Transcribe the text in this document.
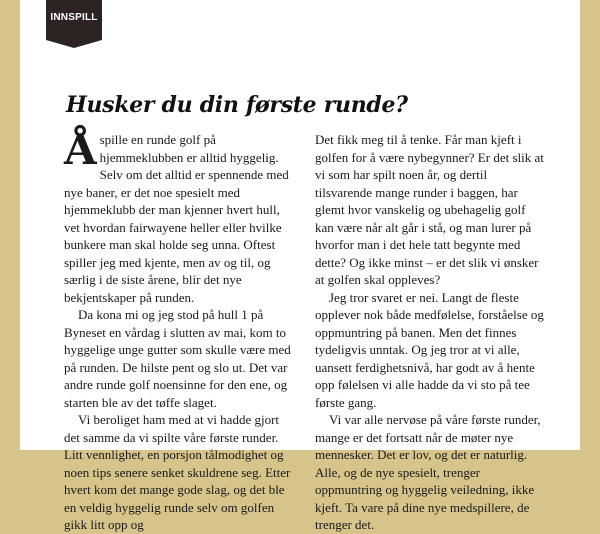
INNSPILL
Husker du din første runde?

Åspille en runde golf på hjemmeklubben er alltid hyggelig. Selv om det alltid er spennende med nye baner, er det noe spesielt med hjemmeklubb der man kjenner hvert hull, vet hvordan fairwayene heller eller hvilke bunkere man skal holde seg unna. Oftest spiller jeg med kjente, men av og til, og særlig i de siste årene, blir det nye bekjentskaper på runden.

Da kona mi og jeg stod på hull 1 på Byneset en vårdag i slutten av mai, kom to hyggelige unge gutter som skulle være med på runden. De hilste pent og slo ut. Det var andre runde golf noensinne for den ene, og starten ble av det tøffe slaget.

Vi beroliget ham med at vi hadde gjort det samme da vi spilte våre første runder. Litt vennlighet, en porsjon tålmodighet og noen tips senere senket skuldrene seg. Etter hvert kom det mange gode slag, og det ble en veldig hyggelig runde selv om golfen gikk litt opp og

Det fikk meg til å tenke. Får man kjeft i golfen for å være nybegynner? Er det slik at vi som har spilt noen år, og dertil tilsvarende mange runder i baggen, har glemt hvor vanskelig og ubehagelig golf kan være når alt går i stå, og man lurer på hvorfor man i det hele tatt begynte med dette? Og ikke minst – er det slik vi ønsker at golfen skal oppleves?

Jeg tror svaret er nei. Langt de fleste opplever nok både medfølelse, forståelse og oppmuntring på banen. Men det finnes tydeligvis unntak. Og jeg tror at vi alle, uansett ferdighetsnivå, har godt av å hente opp følelsen vi alle hadde da vi sto på tee første gang.

Vi var alle nervøse på våre første runder, mange er det fortsatt når de møter nye mennesker. Det er lov, og det er naturlig. Alle, og de nye spesielt, trenger oppmuntring og hyggelig veiledning, ikke kjeft. Ta vare på dine nye medspillere, de trenger det.
